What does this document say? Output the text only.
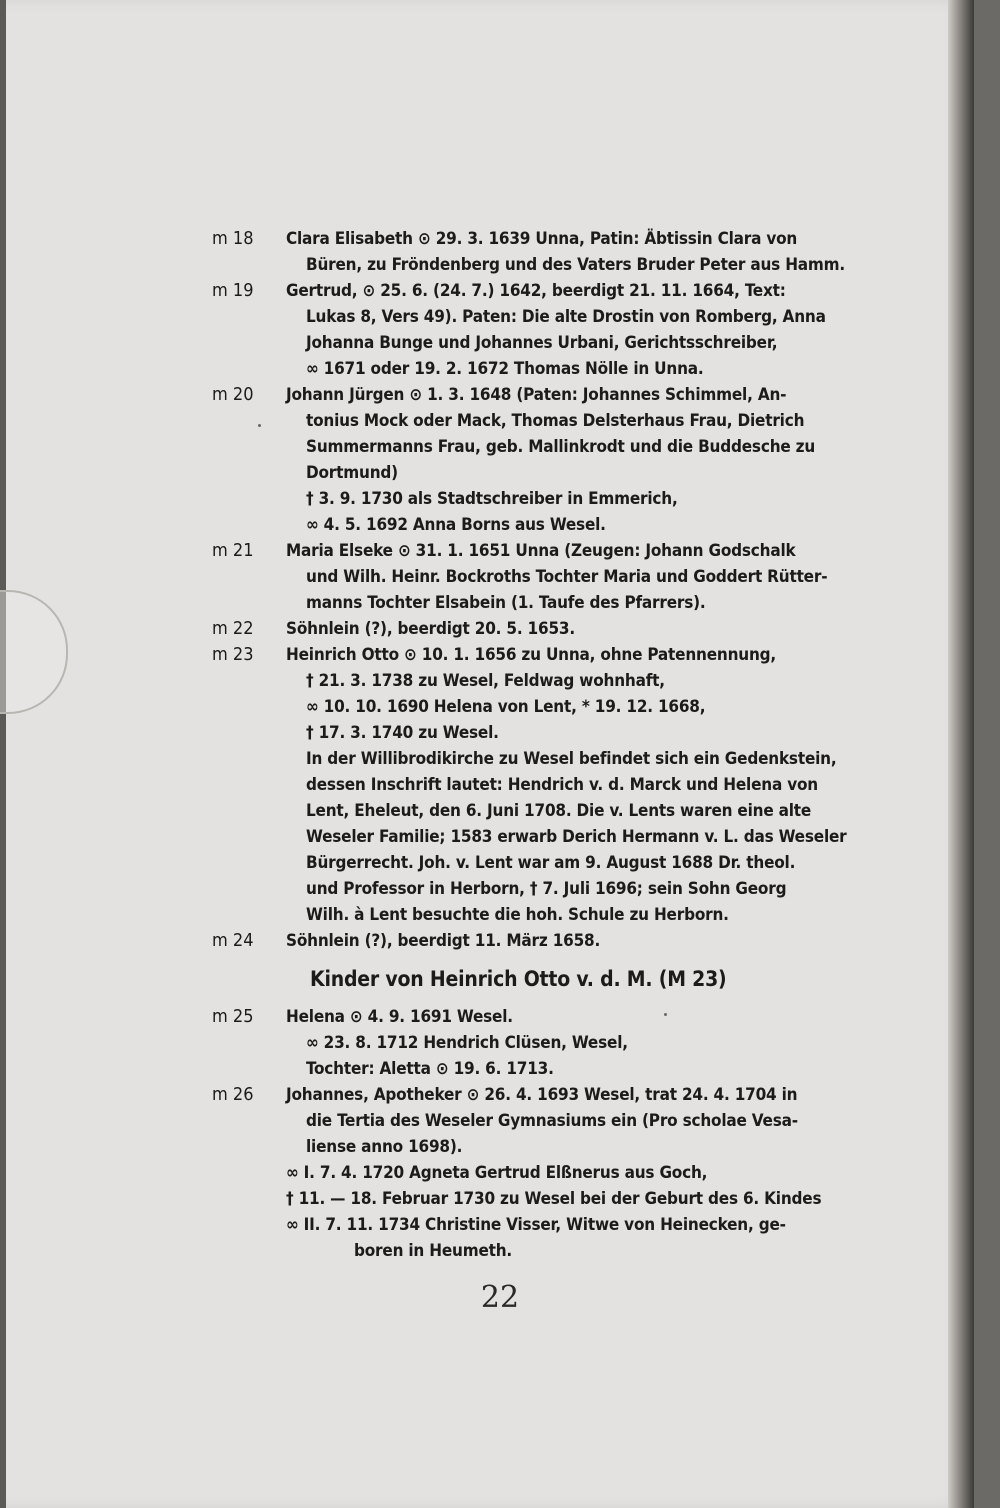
m 18	Clara Elisabeth ⊙ 29. 3. 1639 Unna, Patin: Äbtissin Clara von
Büren, zu Fröndenberg und des Vaters Bruder Peter aus Hamm.
m 19	Gertrud, ⊙ 25. 6. (24. 7.) 1642, beerdigt 21. 11. 1664, Text:
Lukas 8, Vers 49). Paten: Die alte Drostin von Romberg, Anna
Johanna Bunge und Johannes Urbani, Gerichtsschreiber,
∞ 1671 oder 19. 2. 1672 Thomas Nölle in Unna.
m 20	Johann Jürgen ⊙ 1. 3. 1648 (Paten: Johannes Schimmel, An-
tonius Mock oder Mack, Thomas Delsterhaus Frau, Dietrich
Summermanns Frau, geb. Mallinkrodt und die Buddesche zu
Dortmund)
† 3. 9. 1730 als Stadtschreiber in Emmerich,
∞ 4. 5. 1692 Anna Borns aus Wesel.
m 21	Maria Elseke ⊙ 31. 1. 1651 Unna (Zeugen: Johann Godschalk
und Wilh. Heinr. Bockroths Tochter Maria und Goddert Rütter-
manns Tochter Elsabein (1. Taufe des Pfarrers).
m 22	Söhnlein (?), beerdigt 20. 5. 1653.
m 23	Heinrich Otto ⊙ 10. 1. 1656 zu Unna, ohne Patennennung,
† 21. 3. 1738 zu Wesel, Feldwag wohnhaft,
∞ 10. 10. 1690 Helena von Lent, * 19. 12. 1668,
† 17. 3. 1740 zu Wesel.
In der Willibrodikirche zu Wesel befindet sich ein Gedenkstein,
dessen Inschrift lautet: Hendrich v. d. Marck und Helena von
Lent, Eheleut, den 6. Juni 1708. Die v. Lents waren eine alte
Weseler Familie; 1583 erwarb Derich Hermann v. L. das Weseler
Bürgerrecht. Joh. v. Lent war am 9. August 1688 Dr. theol.
und Professor in Herborn, † 7. Juli 1696; sein Sohn Georg
Wilh. à Lent besuchte die hoh. Schule zu Herborn.
m 24	Söhnlein (?), beerdigt 11. März 1658.
Kinder von Heinrich Otto v. d. M. (M 23)
m 25	Helena ⊙ 4. 9. 1691 Wesel.
∞ 23. 8. 1712 Hendrich Clüsen, Wesel,
Tochter: Aletta ⊙ 19. 6. 1713.
m 26	Johannes, Apotheker ⊙ 26. 4. 1693 Wesel, trat 24. 4. 1704 in
die Tertia des Weseler Gymnasiums ein (Pro scholae Vesa-
liense anno 1698).
∞ I. 7. 4. 1720 Agneta Gertrud Elßnerus aus Goch,
† 11. — 18. Februar 1730 zu Wesel bei der Geburt des 6. Kindes
∞ II. 7. 11. 1734 Christine Visser, Witwe von Heinecken, ge-
boren in Heumeth.
22
